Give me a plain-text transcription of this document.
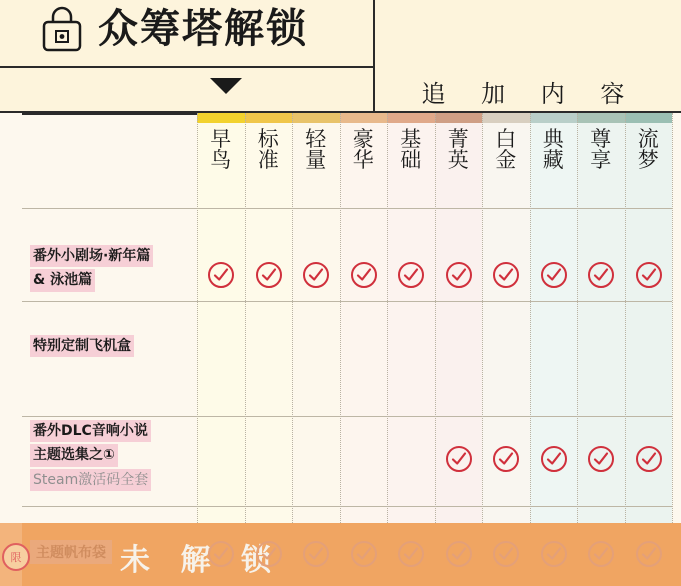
众筹塔解锁
追 加 内 容
早
鸟
标
准
轻
量
豪
华
基
础
菁
英
白
金
典
藏
尊
享
流
梦
番外小剧场·新年篇
& 泳池篇
特别定制飞机盒
番外DLC音响小说
主题选集之①
Steam激活码全套
限	主题帆布袋 未 解 锁
